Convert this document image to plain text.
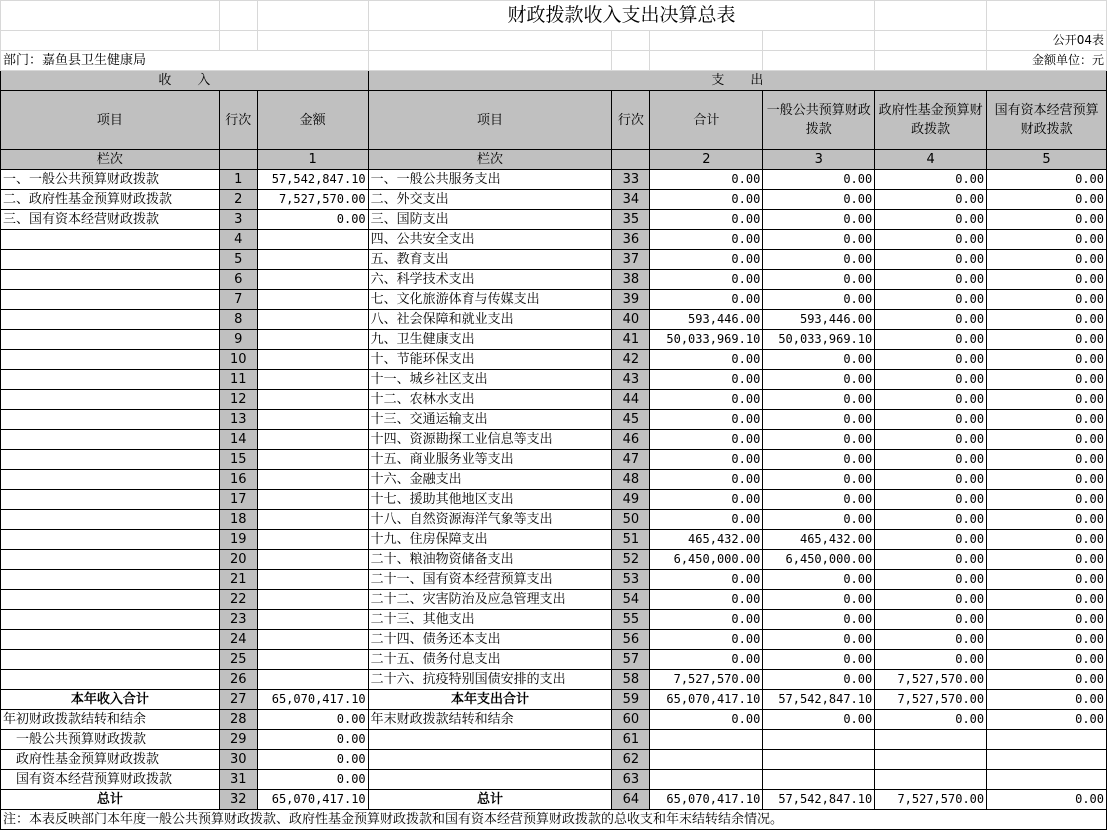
			财政拨款收入支出决算总表					
								公开04表
部门：嘉鱼县卫生健康局								金额单位：元
收　　入			支　　出					
项目	行次	金额	项目	行次	合计	一般公共预算财政拨款	政府性基金预算财政拨款	国有资本经营预算财政拨款
栏次		1	栏次		2	3	4	5
一、一般公共预算财政拨款	1	57,542,847.10	一、一般公共服务支出	33	0.00	0.00	0.00	0.00
二、政府性基金预算财政拨款	2	7,527,570.00	二、外交支出	34	0.00	0.00	0.00	0.00
三、国有资本经营财政拨款	3	0.00	三、国防支出	35	0.00	0.00	0.00	0.00
	4		四、公共安全支出	36	0.00	0.00	0.00	0.00
	5		五、教育支出	37	0.00	0.00	0.00	0.00
	6		六、科学技术支出	38	0.00	0.00	0.00	0.00
	7		七、文化旅游体育与传媒支出	39	0.00	0.00	0.00	0.00
	8		八、社会保障和就业支出	40	593,446.00	593,446.00	0.00	0.00
	9		九、卫生健康支出	41	50,033,969.10	50,033,969.10	0.00	0.00
	10		十、节能环保支出	42	0.00	0.00	0.00	0.00
	11		十一、城乡社区支出	43	0.00	0.00	0.00	0.00
	12		十二、农林水支出	44	0.00	0.00	0.00	0.00
	13		十三、交通运输支出	45	0.00	0.00	0.00	0.00
	14		十四、资源勘探工业信息等支出	46	0.00	0.00	0.00	0.00
	15		十五、商业服务业等支出	47	0.00	0.00	0.00	0.00
	16		十六、金融支出	48	0.00	0.00	0.00	0.00
	17		十七、援助其他地区支出	49	0.00	0.00	0.00	0.00
	18		十八、自然资源海洋气象等支出	50	0.00	0.00	0.00	0.00
	19		十九、住房保障支出	51	465,432.00	465,432.00	0.00	0.00
	20		二十、粮油物资储备支出	52	6,450,000.00	6,450,000.00	0.00	0.00
	21		二十一、国有资本经营预算支出	53	0.00	0.00	0.00	0.00
	22		二十二、灾害防治及应急管理支出	54	0.00	0.00	0.00	0.00
	23		二十三、其他支出	55	0.00	0.00	0.00	0.00
	24		二十四、债务还本支出	56	0.00	0.00	0.00	0.00
	25		二十五、债务付息支出	57	0.00	0.00	0.00	0.00
	26		二十六、抗疫特别国债安排的支出	58	7,527,570.00	0.00	7,527,570.00	0.00
本年收入合计	27	65,070,417.10	本年支出合计	59	65,070,417.10	57,542,847.10	7,527,570.00	0.00
年初财政拨款结转和结余	28	0.00	年末财政拨款结转和结余	60	0.00	0.00	0.00	0.00
　一般公共预算财政拨款	29	0.00		61				
　政府性基金预算财政拨款	30	0.00		62				
　国有资本经营预算财政拨款	31	0.00		63				
总计	32	65,070,417.10	总计	64	65,070,417.10	57,542,847.10	7,527,570.00	0.00
注：本表反映部门本年度一般公共预算财政拨款、政府性基金预算财政拨款和国有资本经营预算财政拨款的总收支和年末结转结余情况。								
